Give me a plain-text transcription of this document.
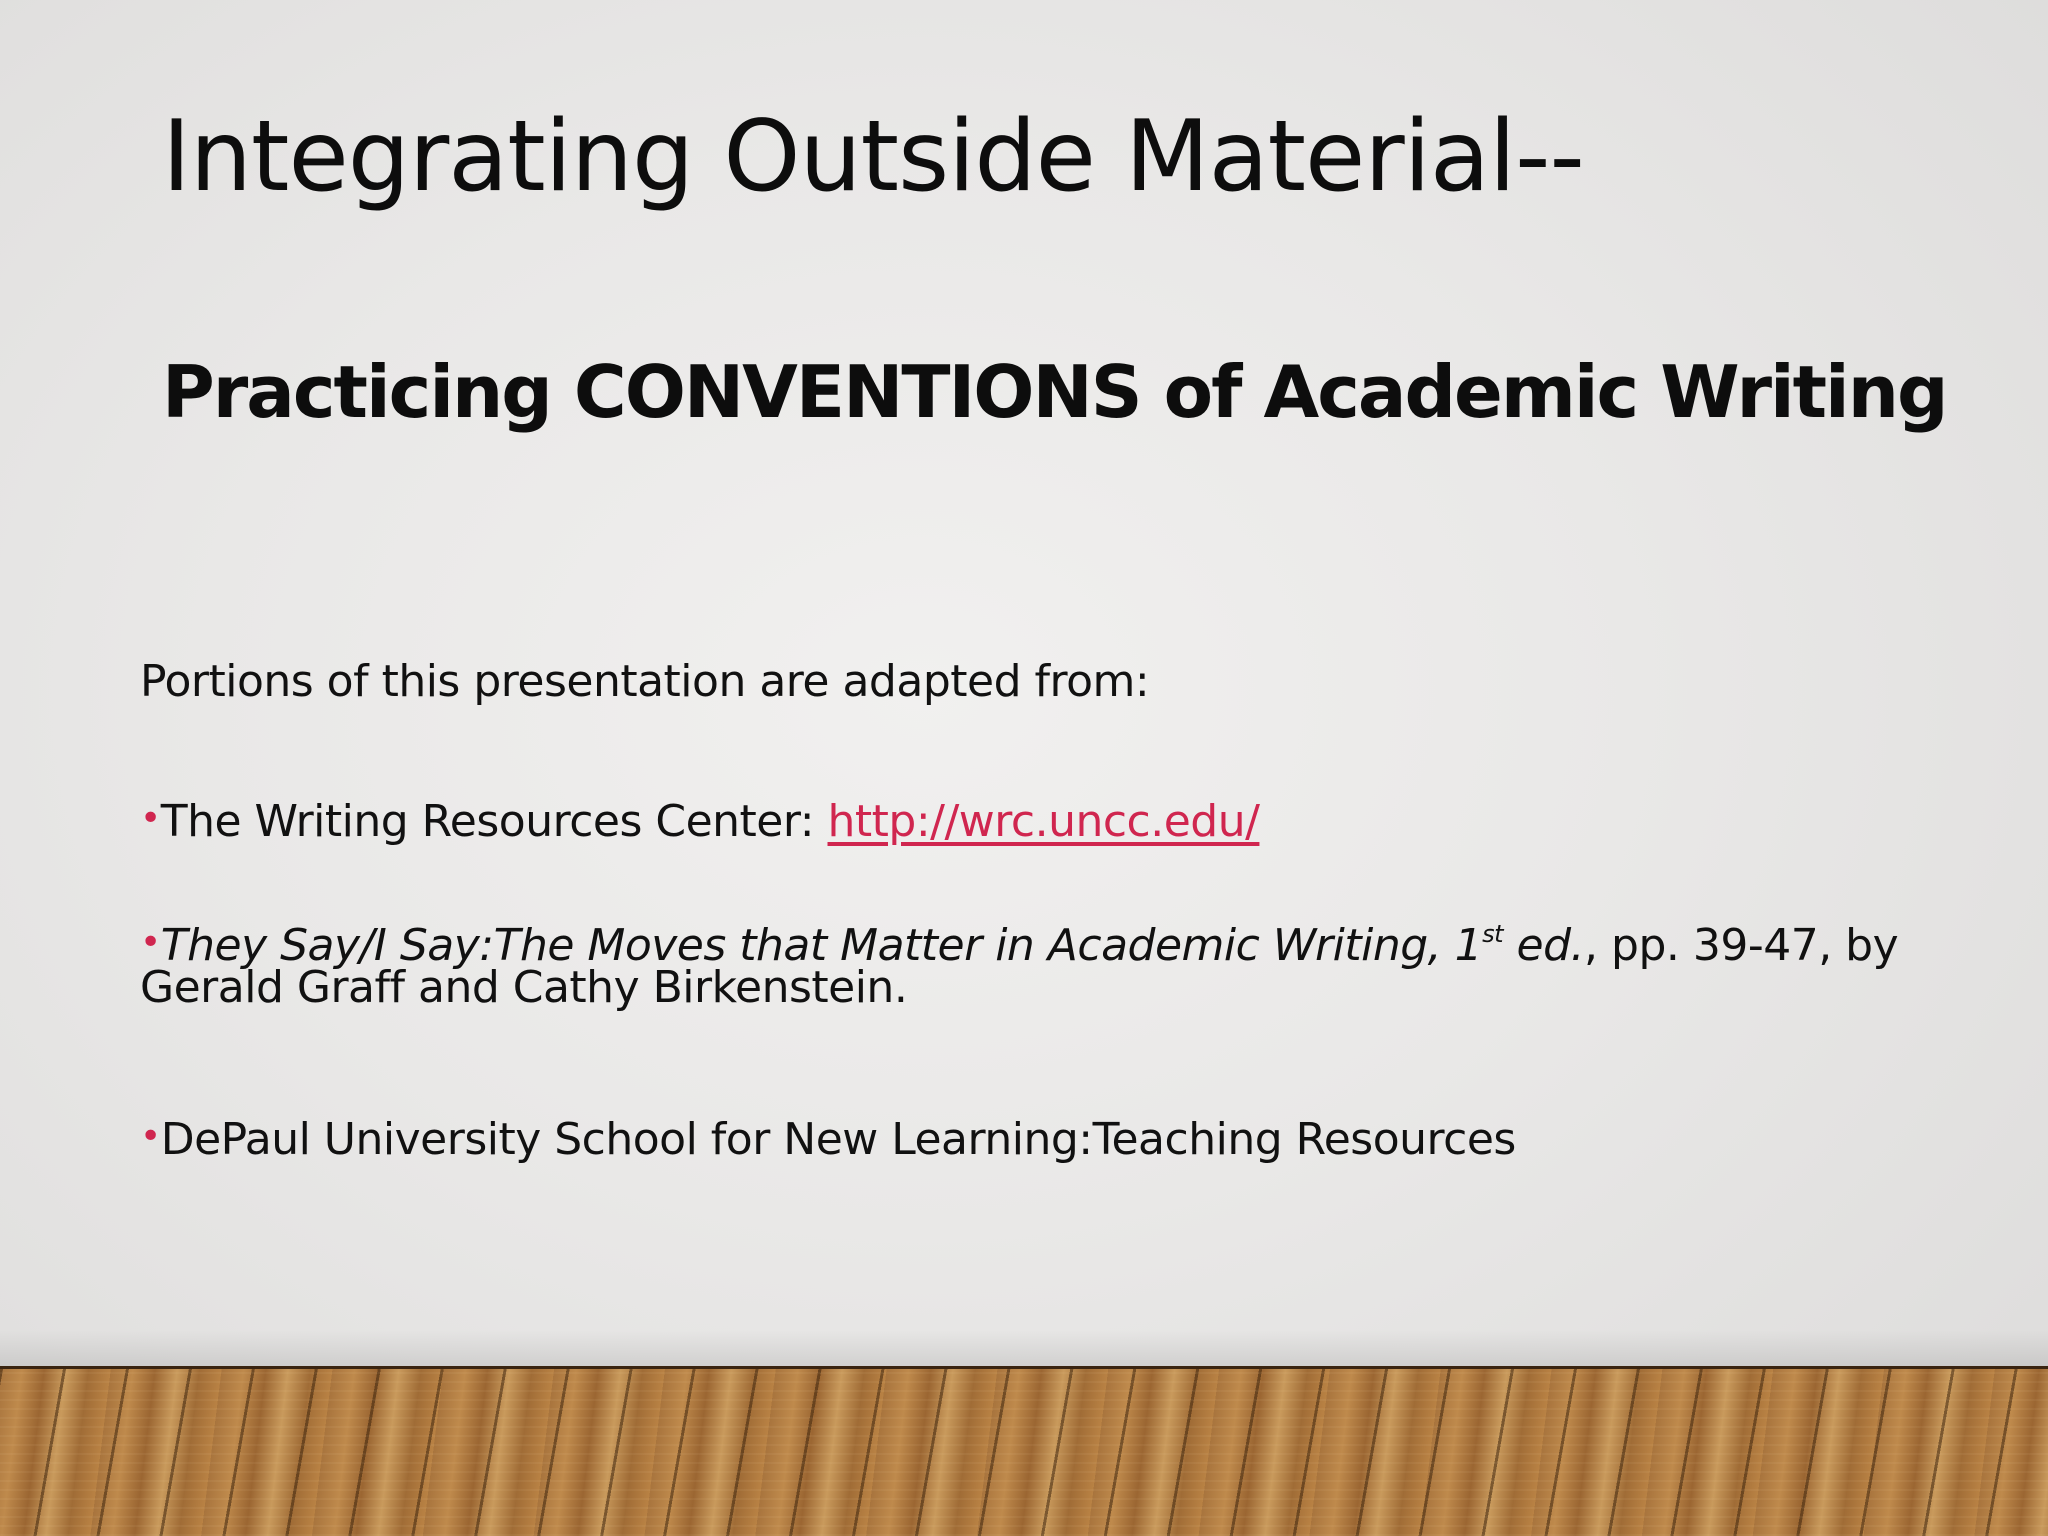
Integrating Outside Material--
Practicing CONVENTIONS of Academic Writing

Portions of this presentation are adapted from:

•The Writing Resources Center: http://wrc.uncc.edu/

•They Say/I Say:The Moves that Matter in Academic Writing, 1st ed., pp. 39-47, by Gerald Graff and Cathy Birkenstein.

•DePaul University School for New Learning:Teaching Resources
